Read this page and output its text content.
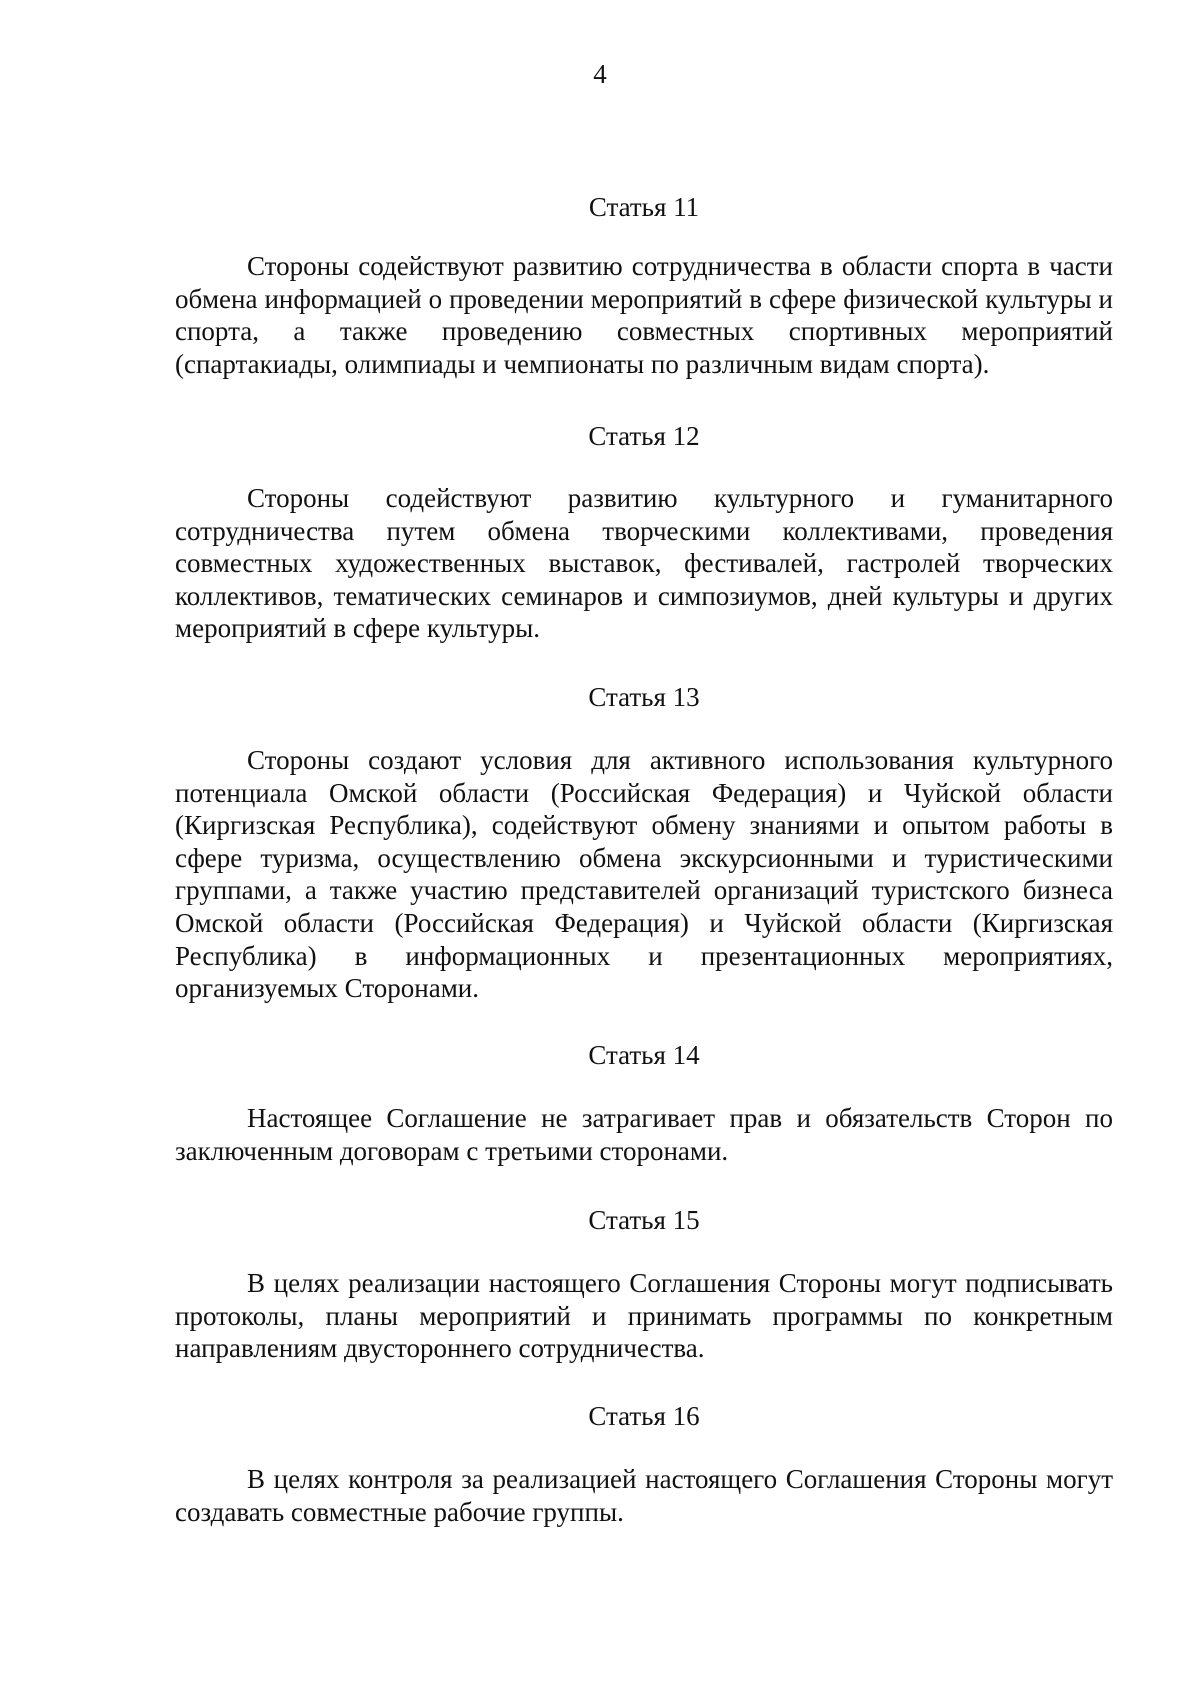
4
Статья 11

Стороны содействуют развитию сотрудничества в области спорта в части обмена информацией о проведении мероприятий в сфере физической культуры и спорта, а также проведению совместных спортивных мероприятий (спартакиады, олимпиады и чемпионаты по различным видам спорта).

Статья 12

Стороны содействуют развитию культурного и гуманитарного сотрудничества путем обмена творческими коллективами, проведения совместных художественных выставок, фестивалей, гастролей творческих коллективов, тематических семинаров и симпозиумов, дней культуры и других мероприятий в сфере культуры.

Статья 13

Стороны создают условия для активного использования культурного потенциала Омской области (Российская Федерация) и Чуйской области (Киргизская Республика), содействуют обмену знаниями и опытом работы в сфере туризма, осуществлению обмена экскурсионными и туристическими группами, а также участию представителей организаций туристского бизнеса Омской области (Российская Федерация) и Чуйской области (Киргизская Республика) в информационных и презентационных мероприятиях, организуемых Сторонами.

Статья 14

Настоящее Соглашение не затрагивает прав и обязательств Сторон по заключенным договорам с третьими сторонами.

Статья 15

В целях реализации настоящего Соглашения Стороны могут подписывать протоколы, планы мероприятий и принимать программы по конкретным направлениям двустороннего сотрудничества.

Статья 16

В целях контроля за реализацией настоящего Соглашения Стороны могут создавать совместные рабочие группы.
